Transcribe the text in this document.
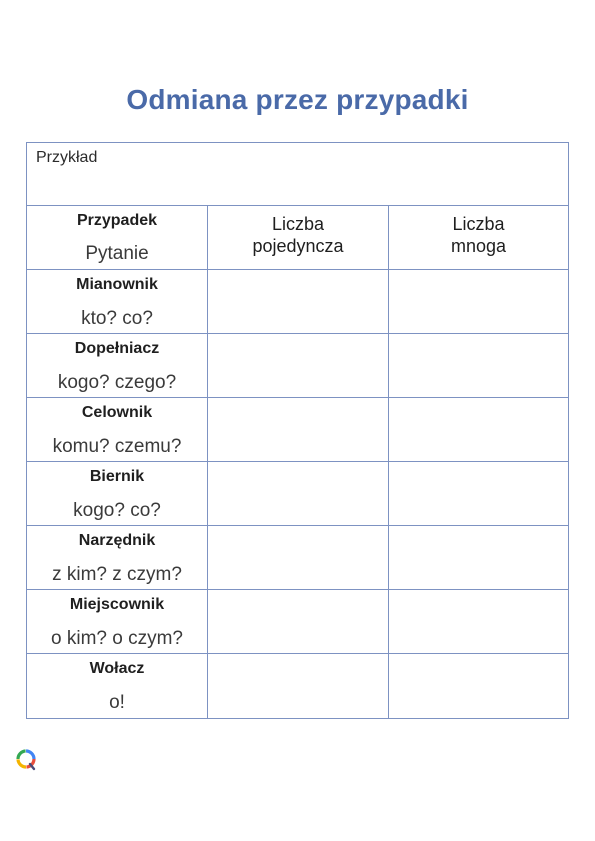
Odmiana przez przypadki
Przykład
Przypadek
Pytanie
Liczba
pojedyncza
Liczba
mnoga
Mianownik
kto? co?
Dopełniacz
kogo? czego?
Celownik
komu? czemu?
Biernik
kogo? co?
Narzędnik
z kim? z czym?
Miejscownik
o kim? o czym?
Wołacz
o!
